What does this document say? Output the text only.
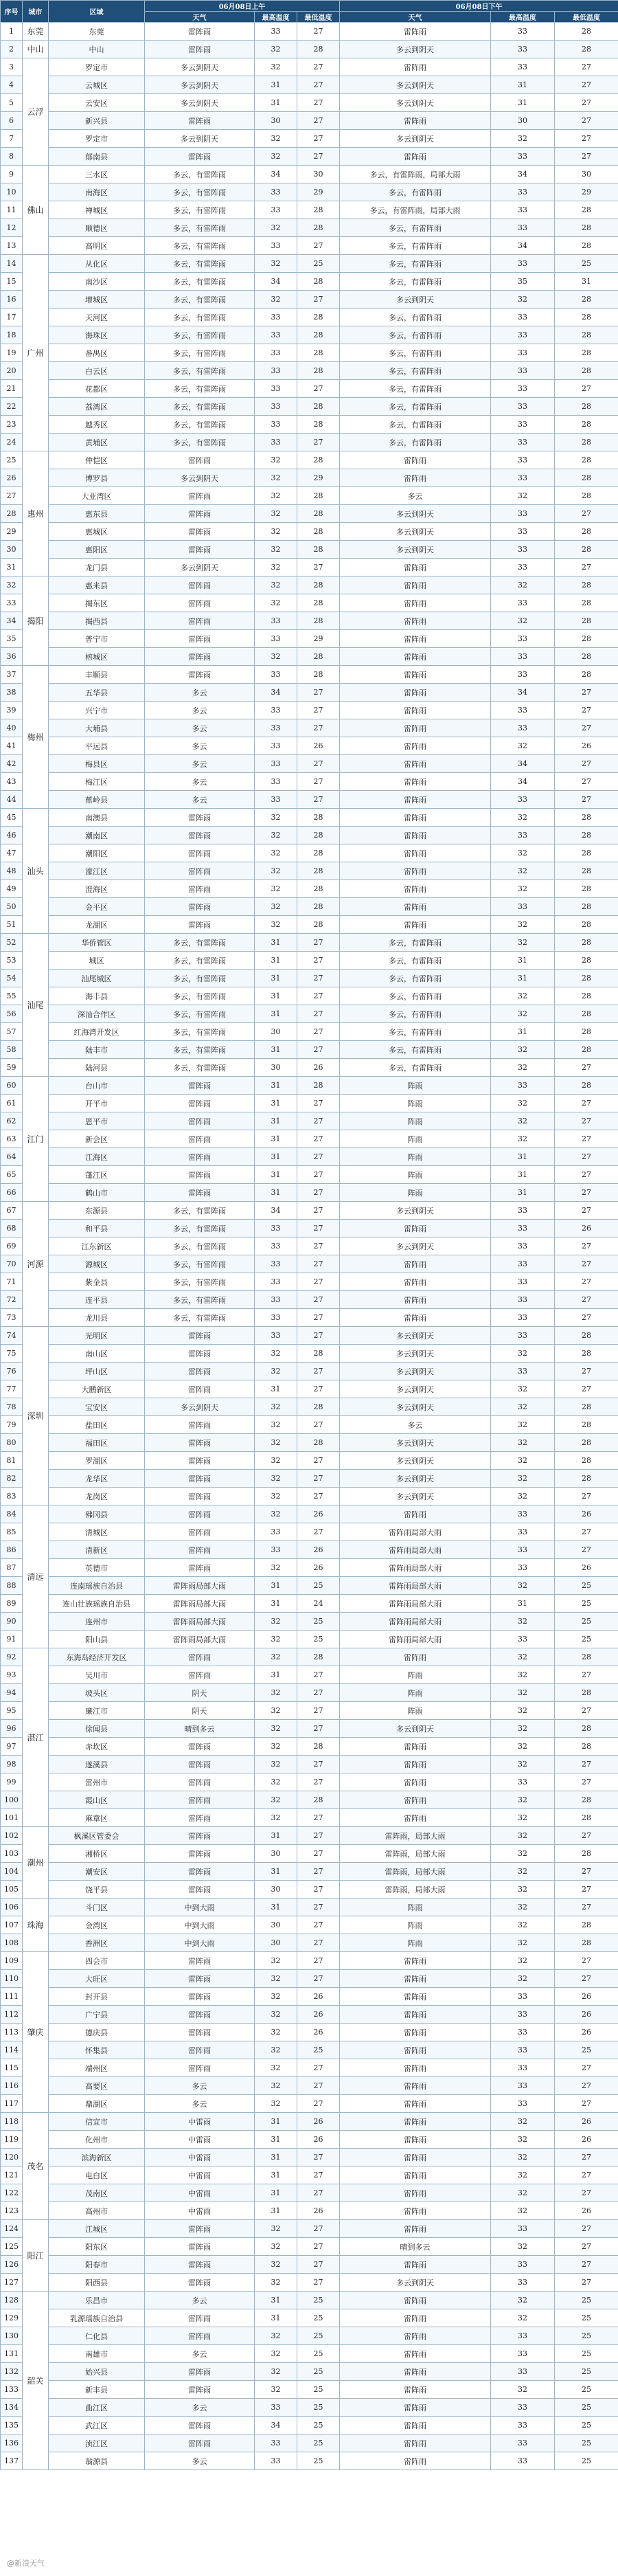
序号	城市	区域	06月08日上午			06月08日下午		
			天气	最高温度	最低温度	天气	最高温度	最低温度
1	东莞	东莞	雷阵雨	33	27	雷阵雨	33	28
2	中山	中山	雷阵雨	32	28	多云到阴天	33	28
3	云浮	罗定市	多云到阴天	32	27	雷阵雨	33	27
4		云城区	多云到阴天	31	27	多云到阴天	31	27
5		云安区	多云到阴天	31	27	多云到阴天	31	27
6		新兴县	雷阵雨	30	27	雷阵雨	30	27
7		罗定市	多云到阴天	32	27	多云到阴天	32	27
8		郁南县	雷阵雨	32	27	雷阵雨	33	27
9	佛山	三水区	多云，有雷阵雨	34	30	多云，有雷阵雨，局部大雨	34	30
10		南海区	多云，有雷阵雨	33	29	多云，有雷阵雨	33	29
11		禅城区	多云，有雷阵雨	33	28	多云，有雷阵雨，局部大雨	33	28
12		顺德区	多云，有雷阵雨	32	28	多云，有雷阵雨	33	28
13		高明区	多云，有雷阵雨	33	27	多云，有雷阵雨	34	28
14	广州	从化区	多云，有雷阵雨	32	25	多云，有雷阵雨	33	25
15		南沙区	多云，有雷阵雨	34	28	多云，有雷阵雨	35	31
16		增城区	多云，有雷阵雨	32	27	多云到阴天	32	28
17		天河区	多云，有雷阵雨	33	28	多云，有雷阵雨	33	28
18		海珠区	多云，有雷阵雨	33	28	多云，有雷阵雨	33	28
19		番禺区	多云，有雷阵雨	33	28	多云，有雷阵雨	33	28
20		白云区	多云，有雷阵雨	33	28	多云，有雷阵雨	33	28
21		花都区	多云，有雷阵雨	33	27	多云，有雷阵雨	33	27
22		荔湾区	多云，有雷阵雨	33	28	多云，有雷阵雨	33	28
23		越秀区	多云，有雷阵雨	33	28	多云，有雷阵雨	33	28
24		黄埔区	多云，有雷阵雨	33	27	多云，有雷阵雨	33	28
25	惠州	仲恺区	雷阵雨	32	28	雷阵雨	33	28
26		博罗县	多云到阴天	32	29	雷阵雨	33	28
27		大亚湾区	雷阵雨	32	28	多云	32	28
28		惠东县	雷阵雨	32	28	多云到阴天	33	27
29		惠城区	雷阵雨	32	28	多云到阴天	33	28
30		惠阳区	雷阵雨	32	28	多云到阴天	33	28
31		龙门县	多云到阴天	32	27	雷阵雨	33	27
32	揭阳	惠来县	雷阵雨	32	28	雷阵雨	32	28
33		揭东区	雷阵雨	32	28	雷阵雨	33	28
34		揭西县	雷阵雨	33	28	雷阵雨	32	28
35		普宁市	雷阵雨	33	29	雷阵雨	33	28
36		榕城区	雷阵雨	32	28	雷阵雨	33	28
37	梅州	丰顺县	雷阵雨	33	28	雷阵雨	33	28
38		五华县	多云	34	27	雷阵雨	34	27
39		兴宁市	多云	33	27	雷阵雨	33	27
40		大埔县	多云	33	27	雷阵雨	33	27
41		平远县	多云	33	26	雷阵雨	32	26
42		梅县区	多云	33	27	雷阵雨	34	27
43		梅江区	多云	33	27	雷阵雨	34	27
44		蕉岭县	多云	33	27	雷阵雨	33	27
45	汕头	南澳县	雷阵雨	32	28	雷阵雨	32	28
46		潮南区	雷阵雨	32	28	雷阵雨	33	28
47		潮阳区	雷阵雨	32	28	雷阵雨	32	28
48		濠江区	雷阵雨	32	28	雷阵雨	32	28
49		澄海区	雷阵雨	32	28	雷阵雨	32	28
50		金平区	雷阵雨	32	28	雷阵雨	33	28
51		龙湖区	雷阵雨	32	28	雷阵雨	32	28
52	汕尾	华侨管区	多云，有雷阵雨	31	27	多云，有雷阵雨	32	28
53		城区	多云，有雷阵雨	31	27	多云，有雷阵雨	31	28
54		汕尾城区	多云，有雷阵雨	31	27	多云，有雷阵雨	31	28
55		海丰县	多云，有雷阵雨	31	27	多云，有雷阵雨	32	28
56		深汕合作区	多云，有雷阵雨	31	27	多云，有雷阵雨	32	28
57		红海湾开发区	多云，有雷阵雨	30	27	多云，有雷阵雨	31	28
58		陆丰市	多云，有雷阵雨	31	27	多云，有雷阵雨	32	28
59		陆河县	多云，有雷阵雨	30	26	多云，有雷阵雨	32	27
60	江门	台山市	雷阵雨	31	28	阵雨	33	28
61		开平市	雷阵雨	31	27	阵雨	32	27
62		恩平市	雷阵雨	31	27	阵雨	32	27
63		新会区	雷阵雨	31	27	阵雨	32	27
64		江海区	雷阵雨	31	27	阵雨	31	27
65		蓬江区	雷阵雨	31	27	阵雨	31	27
66		鹤山市	雷阵雨	31	27	阵雨	31	27
67	河源	东源县	多云，有雷阵雨	34	27	多云到阴天	33	27
68		和平县	多云，有雷阵雨	33	27	雷阵雨	33	26
69		江东新区	多云，有雷阵雨	33	27	多云到阴天	33	27
70		源城区	多云，有雷阵雨	33	27	雷阵雨	33	27
71		紫金县	多云，有雷阵雨	33	27	雷阵雨	33	27
72		连平县	多云，有雷阵雨	33	27	雷阵雨	33	27
73		龙川县	多云，有雷阵雨	33	27	雷阵雨	33	27
74	深圳	光明区	雷阵雨	33	27	多云到阴天	33	28
75		南山区	雷阵雨	32	28	多云到阴天	32	28
76		坪山区	雷阵雨	32	27	多云到阴天	33	27
77		大鹏新区	雷阵雨	31	27	多云到阴天	32	27
78		宝安区	多云到阴天	32	28	多云到阴天	32	28
79		盐田区	雷阵雨	32	27	多云	32	28
80		福田区	雷阵雨	32	28	多云到阴天	32	28
81		罗湖区	雷阵雨	32	27	多云到阴天	32	28
82		龙华区	雷阵雨	32	27	多云到阴天	32	28
83		龙岗区	雷阵雨	32	27	多云到阴天	32	27
84	清远	佛冈县	雷阵雨	32	26	雷阵雨	33	26
85		清城区	雷阵雨	33	27	雷阵雨局部大雨	33	27
86		清新区	雷阵雨	33	26	雷阵雨局部大雨	33	27
87		英德市	雷阵雨	32	26	雷阵雨局部大雨	33	26
88		连南瑶族自治县	雷阵雨局部大雨	31	25	雷阵雨局部大雨	32	25
89		连山壮族瑶族自治县	雷阵雨局部大雨	31	24	雷阵雨局部大雨	31	25
90		连州市	雷阵雨局部大雨	32	25	雷阵雨局部大雨	32	25
91		阳山县	雷阵雨局部大雨	32	25	雷阵雨局部大雨	33	25
92	湛江	东海岛经济开发区	雷阵雨	32	28	雷阵雨	32	28
93		吴川市	雷阵雨	31	27	阵雨	32	27
94		坡头区	阴天	32	27	阵雨	32	28
95		廉江市	阴天	32	27	阵雨	32	27
96		徐闻县	晴到多云	32	27	多云到阴天	32	28
97		赤坎区	雷阵雨	32	28	雷阵雨	32	28
98		遂溪县	雷阵雨	32	27	雷阵雨	32	27
99		雷州市	雷阵雨	32	27	雷阵雨	33	27
100		霞山区	雷阵雨	32	28	雷阵雨	32	28
101		麻章区	雷阵雨	32	27	雷阵雨	32	28
102	潮州	枫溪区管委会	雷阵雨	31	27	雷阵雨，局部大雨	32	27
103		湘桥区	雷阵雨	30	27	雷阵雨，局部大雨	32	28
104		潮安区	雷阵雨	31	27	雷阵雨，局部大雨	32	27
105		饶平县	雷阵雨	30	27	雷阵雨，局部大雨	32	27
106	珠海	斗门区	中到大雨	31	27	阵雨	32	27
107		金湾区	中到大雨	30	27	阵雨	32	28
108		香洲区	中到大雨	30	27	阵雨	32	28
109	肇庆	四会市	雷阵雨	32	27	雷阵雨	32	27
110		大旺区	雷阵雨	32	27	雷阵雨	32	27
111		封开县	雷阵雨	32	26	雷阵雨	33	26
112		广宁县	雷阵雨	32	26	雷阵雨	33	26
113		德庆县	雷阵雨	32	26	雷阵雨	33	26
114		怀集县	雷阵雨	32	25	雷阵雨	33	25
115		端州区	雷阵雨	32	27	雷阵雨	33	27
116		高要区	多云	32	27	雷阵雨	33	27
117		鼎湖区	多云	32	27	雷阵雨	33	27
118	茂名	信宜市	中雷雨	31	26	雷阵雨	32	26
119		化州市	中雷雨	31	26	雷阵雨	32	26
120		滨海新区	中雷雨	31	27	雷阵雨	32	27
121		电白区	中雷雨	31	27	雷阵雨	32	27
122		茂南区	中雷雨	31	27	雷阵雨	32	27
123		高州市	中雷雨	31	26	雷阵雨	32	26
124	阳江	江城区	雷阵雨	32	27	雷阵雨	33	27
125		阳东区	雷阵雨	32	27	晴到多云	32	27
126		阳春市	雷阵雨	32	27	雷阵雨	33	27
127		阳西县	雷阵雨	32	27	多云到阴天	33	27
128	韶关	乐昌市	多云	31	25	雷阵雨	32	25
129		乳源瑶族自治县	雷阵雨	31	25	雷阵雨	32	25
130		仁化县	雷阵雨	32	25	雷阵雨	33	25
131		南雄市	多云	32	25	雷阵雨	33	25
132		始兴县	雷阵雨	32	25	雷阵雨	33	25
133		新丰县	雷阵雨	32	25	雷阵雨	32	25
134		曲江区	多云	33	25	雷阵雨	33	25
135		武江区	雷阵雨	34	25	雷阵雨	33	25
136		浈江区	雷阵雨	33	25	雷阵雨	33	25
137		翁源县	多云	33	25	雷阵雨	33	25
@新浪天气
